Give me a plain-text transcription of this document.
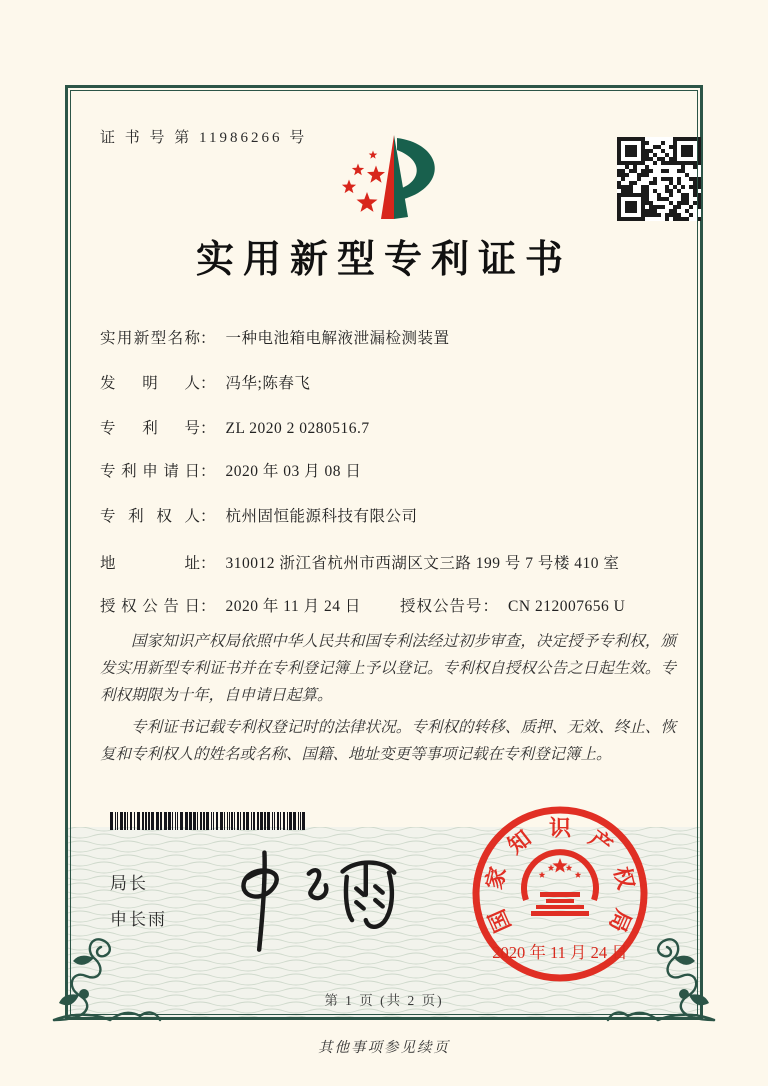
证 书 号 第 11986266 号
实用新型专利证书
实用新型名称： 一种电池箱电解液泄漏检测装置
发明人： 冯华;陈春飞
专利号： ZL 2020 2 0280516.7
专利申请日： 2020 年 03 月 08 日
专利权人： 杭州固恒能源科技有限公司
地址： 310012 浙江省杭州市西湖区文三路 199 号 7 号楼 410 室
授权公告日： 2020 年 11 月 24 日	授权公告号： CN 212007656 U

国家知识产权局依照中华人民共和国专利法经过初步审查，决定授予专利权，颁发实用新型专利证书并在专利登记簿上予以登记。专利权自授权公告之日起生效。专利权期限为十年，自申请日起算。

专利证书记载专利权登记时的法律状况。专利权的转移、质押、无效、终止、恢复和专利权人的姓名或名称、国籍、地址变更等事项记载在专利登记簿上。

局长
申长雨
2020 年 11 月 24 日
国
家
知 识 产
权
局
第 1 页 (共 2 页)
其他事项参见续页
